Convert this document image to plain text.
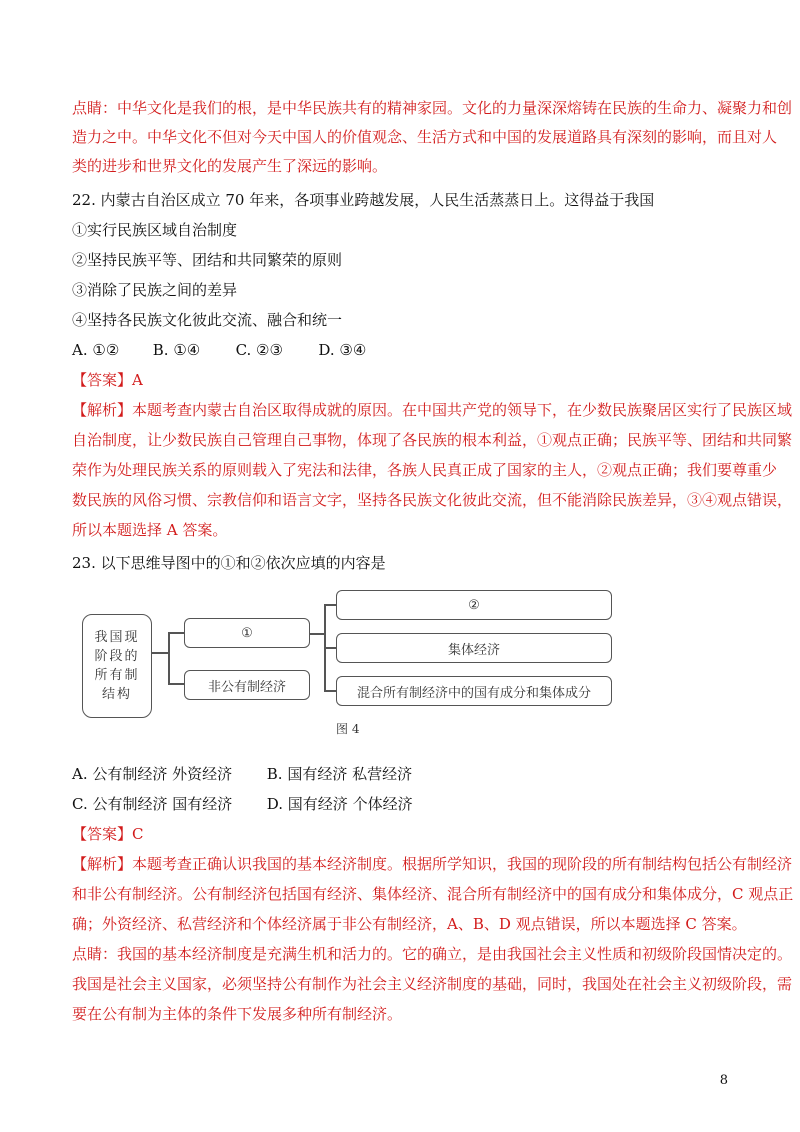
点睛：中华文化是我们的根，是中华民族共有的精神家园。文化的力量深深熔铸在民族的生命力、凝聚力和创
造力之中。中华文化不但对今天中国人的价值观念、生活方式和中国的发展道路具有深刻的影响，而且对人
类的进步和世界文化的发展产生了深远的影响。
22. 内蒙古自治区成立 70 年来，各项事业跨越发展，人民生活蒸蒸日上。这得益于我国
①实行民族区域自治制度
②坚持民族平等、团结和共同繁荣的原则
③消除了民族之间的差异
④坚持各民族文化彼此交流、融合和统一
A. ①② B. ①④ C. ②③ D. ③④
【答案】A
【解析】本题考查内蒙古自治区取得成就的原因。在中国共产党的领导下，在少数民族聚居区实行了民族区域
自治制度，让少数民族自己管理自己事物，体现了各民族的根本利益，①观点正确；民族平等、团结和共同繁
荣作为处理民族关系的原则载入了宪法和法律，各族人民真正成了国家的主人，②观点正确；我们要尊重少
数民族的风俗习惯、宗教信仰和语言文字，坚持各民族文化彼此交流，但不能消除民族差异，③④观点错误，
所以本题选择 A 答案。
23. 以下思维导图中的①和②依次应填的内容是
我国现
阶段的
所有制
结构
①
非公有制经济
②
集体经济
混合所有制经济中的国有成分和集体成分
图 4
A. 公有制经济 外资经济 B. 国有经济 私营经济
C. 公有制经济 国有经济 D. 国有经济 个体经济
【答案】C
【解析】本题考查正确认识我国的基本经济制度。根据所学知识，我国的现阶段的所有制结构包括公有制经济
和非公有制经济。公有制经济包括国有经济、集体经济、混合所有制经济中的国有成分和集体成分，C 观点正
确；外资经济、私营经济和个体经济属于非公有制经济，A、B、D 观点错误，所以本题选择 C 答案。
点睛：我国的基本经济制度是充满生机和活力的。它的确立，是由我国社会主义性质和初级阶段国情决定的。
我国是社会主义国家，必须坚持公有制作为社会主义经济制度的基础，同时，我国处在社会主义初级阶段，需
要在公有制为主体的条件下发展多种所有制经济。
8
